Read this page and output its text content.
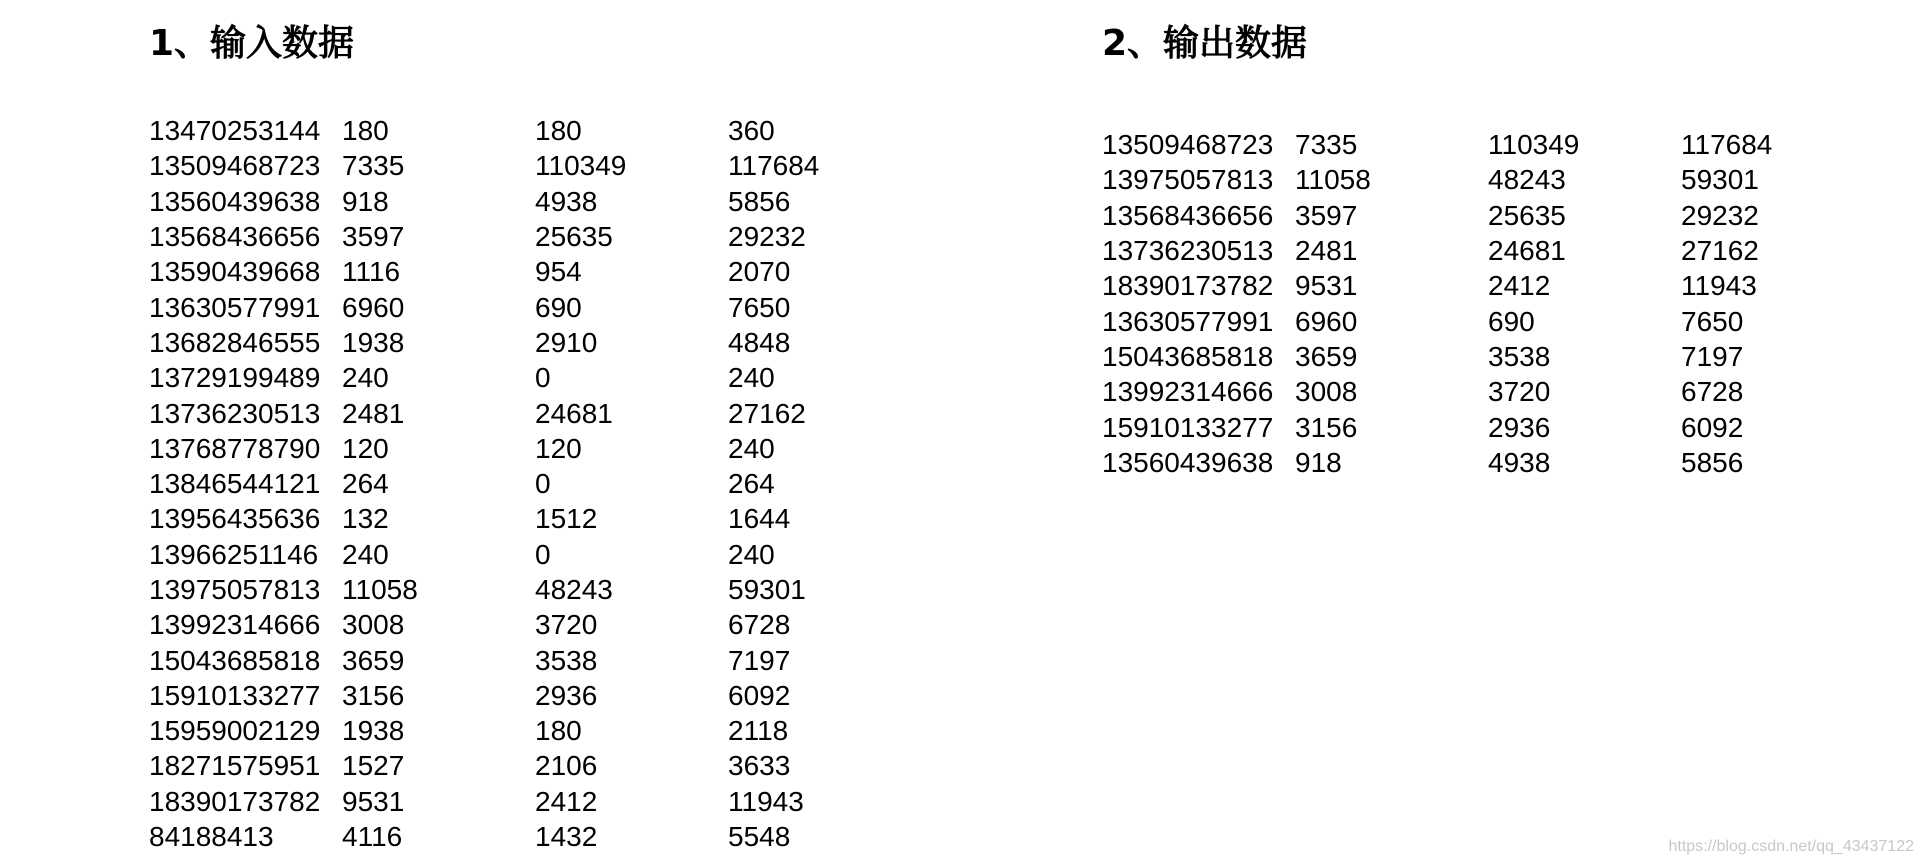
1、输入数据
13470253144 180	180	360
13509468723 7335	110349	117684
13560439638 918	4938	5856
13568436656 3597	25635	29232
13590439668 1116	954	2070
13630577991 6960	690	7650
13682846555 1938	2910	4848
13729199489 240	0	240
13736230513 2481	24681	27162
13768778790 120	120	240
13846544121 264	0	264
13956435636 132	1512	1644
13966251146 240	0	240
13975057813 11058	48243	59301
13992314666 3008	3720	6728
15043685818 3659	3538	7197
15910133277 3156	2936	6092
15959002129 1938	180	2118
18271575951 1527	2106	3633
18390173782 9531	2412	11943
84188413	4116	1432	5548
2、输出数据
13509468723 7335	110349	117684
13975057813 11058	48243	59301
13568436656 3597	25635	29232
13736230513 2481	24681	27162
18390173782 9531	2412	11943
13630577991 6960	690	7650
15043685818 3659	3538	7197
13992314666 3008	3720	6728
15910133277 3156	2936	6092
13560439638 918	4938	5856
https://blog.csdn.net/qq_43437122
